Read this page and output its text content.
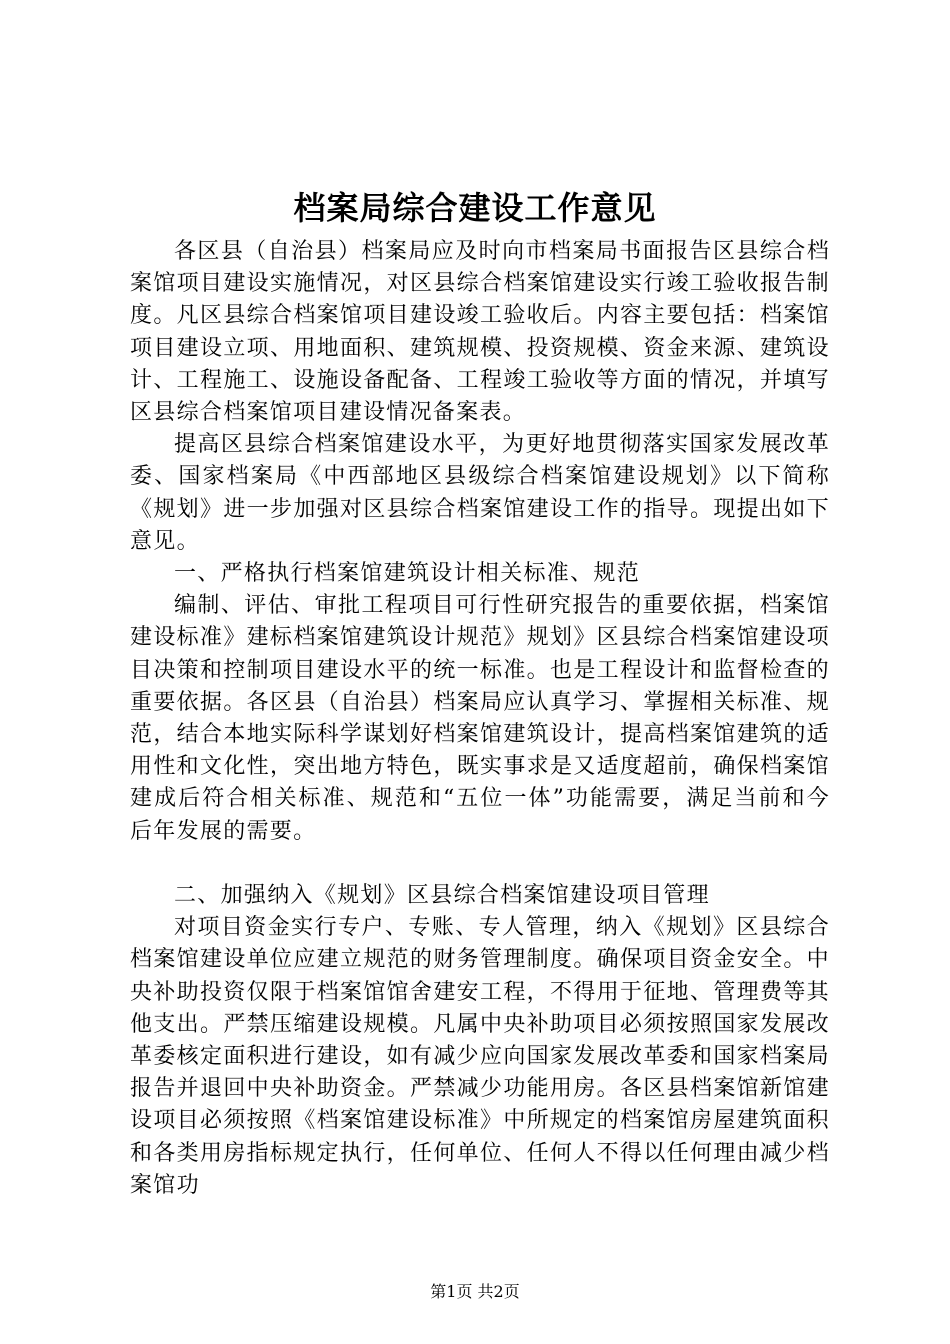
档案局综合建设工作意见

各区县（自治县）档案局应及时向市档案局书面报告区县综合档案馆项目建设实施情况，对区县综合档案馆建设实行竣工验收报告制度。凡区县综合档案馆项目建设竣工验收后。内容主要包括：档案馆项目建设立项、用地面积、建筑规模、投资规模、资金来源、建筑设计、工程施工、设施设备配备、工程竣工验收等方面的情况，并填写区县综合档案馆项目建设情况备案表。

提高区县综合档案馆建设水平，为更好地贯彻落实国家发展改革委、国家档案局《中西部地区县级综合档案馆建设规划》以下简称《规划》进一步加强对区县综合档案馆建设工作的指导。现提出如下意见。

一、严格执行档案馆建筑设计相关标准、规范

编制、评估、审批工程项目可行性研究报告的重要依据，档案馆建设标准》建标档案馆建筑设计规范》规划》区县综合档案馆建设项目决策和控制项目建设水平的统一标准。也是工程设计和监督检查的重要依据。各区县（自治县）档案局应认真学习、掌握相关标准、规范，结合本地实际科学谋划好档案馆建筑设计，提高档案馆建筑的适用性和文化性，突出地方特色，既实事求是又适度超前，确保档案馆建成后符合相关标准、规范和“五位一体”功能需要，满足当前和今后年发展的需要。

二、加强纳入《规划》区县综合档案馆建设项目管理

对项目资金实行专户、专账、专人管理，纳入《规划》区县综合档案馆建设单位应建立规范的财务管理制度。确保项目资金安全。中央补助投资仅限于档案馆馆舍建安工程，不得用于征地、管理费等其他支出。严禁压缩建设规模。凡属中央补助项目必须按照国家发展改革委核定面积进行建设，如有减少应向国家发展改革委和国家档案局报告并退回中央补助资金。严禁减少功能用房。各区县档案馆新馆建设项目必须按照《档案馆建设标准》中所规定的档案馆房屋建筑面积和各类用房指标规定执行，任何单位、任何人不得以任何理由减少档案馆功

第1页 共2页
